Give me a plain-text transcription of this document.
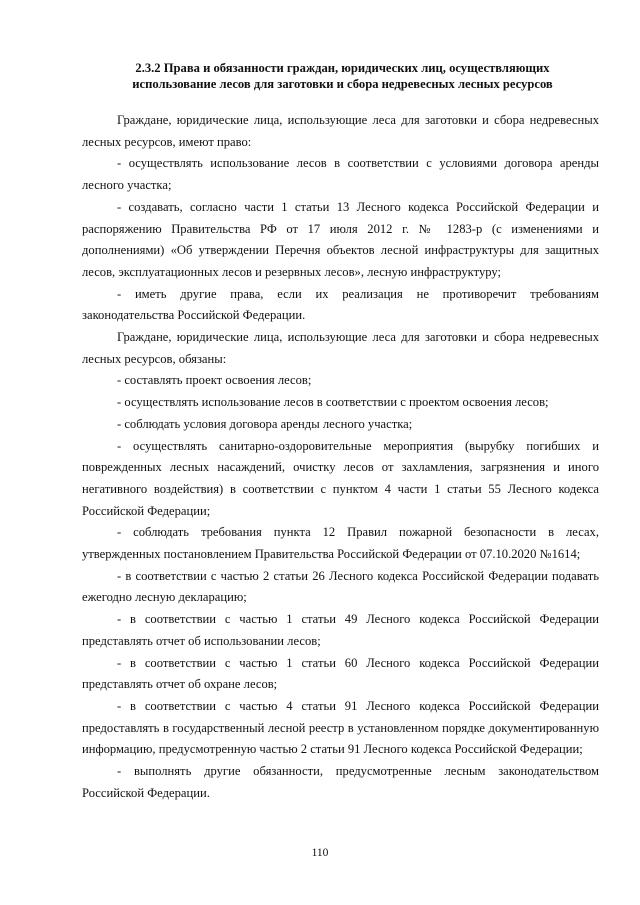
2.3.2 Права и обязанности граждан, юридических лиц, осуществляющих использование лесов для заготовки и сбора недревесных лесных ресурсов

Граждане, юридические лица, использующие леса для заготовки и сбора недревесных лесных ресурсов, имеют право:

- осуществлять использование лесов в соответствии с условиями договора аренды лесного участка;

- создавать, согласно части 1 статьи 13 Лесного кодекса Российской Федерации и распоряжению Правительства РФ от 17 июля 2012 г. № 1283-р (с изменениями и дополнениями) «Об утверждении Перечня объектов лесной инфраструктуры для защитных лесов, эксплуатационных лесов и резервных лесов», лесную инфраструктуру;

- иметь другие права, если их реализация не противоречит требованиям законодательства Российской Федерации.

Граждане, юридические лица, использующие леса для заготовки и сбора недревесных лесных ресурсов, обязаны:

- составлять проект освоения лесов;

- осуществлять использование лесов в соответствии с проектом освоения лесов;

- соблюдать условия договора аренды лесного участка;

- осуществлять санитарно-оздоровительные мероприятия (вырубку погибших и поврежденных лесных насаждений, очистку лесов от захламления, загрязнения и иного негативного воздействия) в соответствии с пунктом 4 части 1 статьи 55 Лесного кодекса Российской Федерации;

- соблюдать требования пункта 12 Правил пожарной безопасности в лесах, утвержденных постановлением Правительства Российской Федерации от 07.10.2020 №1614;

- в соответствии с частью 2 статьи 26 Лесного кодекса Российской Федерации подавать ежегодно лесную декларацию;

- в соответствии с частью 1 статьи 49 Лесного кодекса Российской Федерации представлять отчет об использовании лесов;

- в соответствии с частью 1 статьи 60 Лесного кодекса Российской Федерации представлять отчет об охране лесов;

- в соответствии с частью 4 статьи 91 Лесного кодекса Российской Федерации предоставлять в государственный лесной реестр в установленном порядке документированную информацию, предусмотренную частью 2 статьи 91 Лесного кодекса Российской Федерации;

- выполнять другие обязанности, предусмотренные лесным законодательством Российской Федерации.

110
